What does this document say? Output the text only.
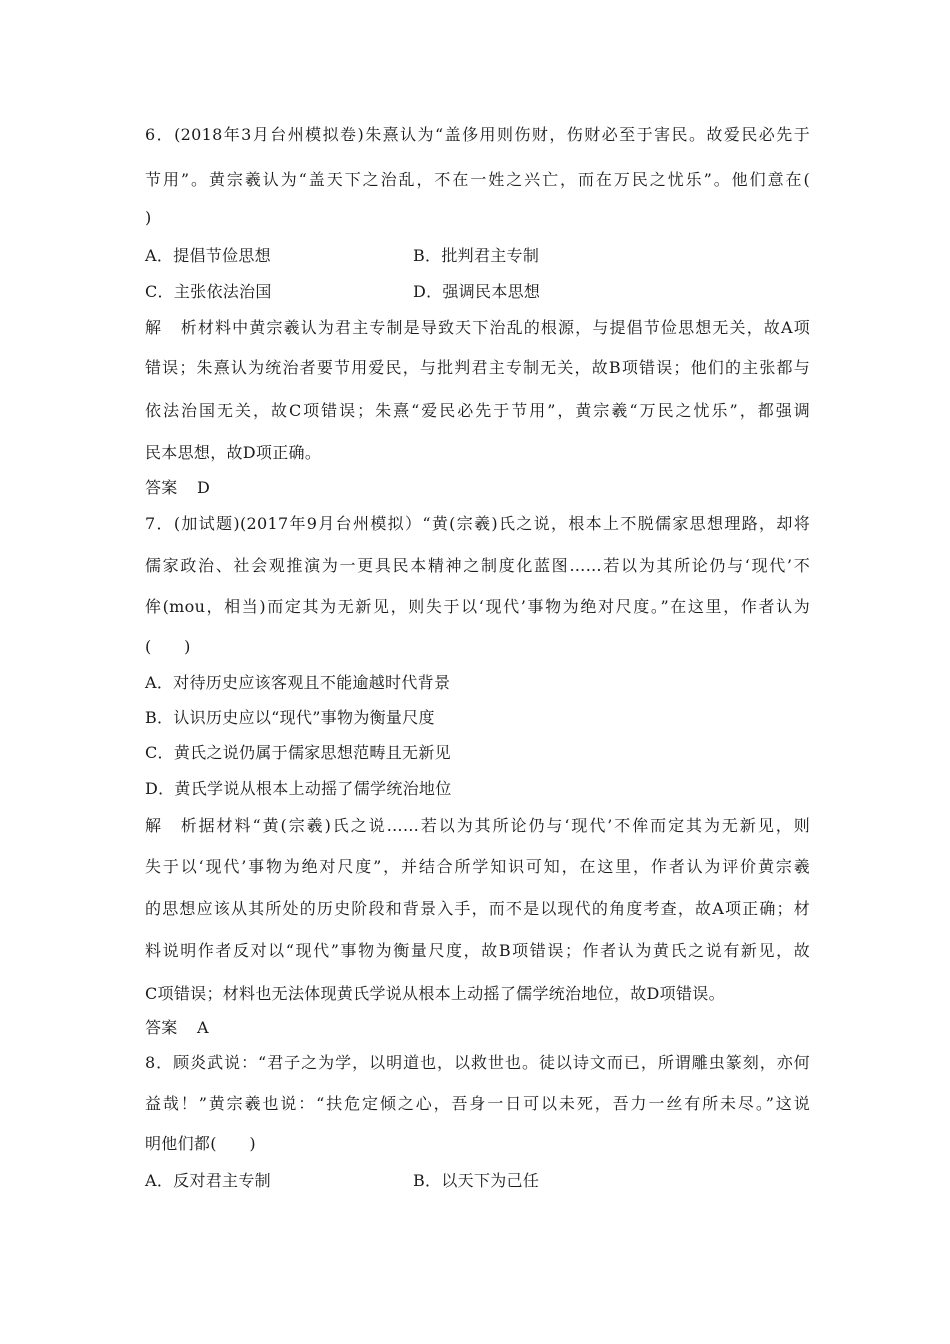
6．(2018年3月台州模拟卷)朱熹认为“盖侈用则伤财，伤财必至于害民。故爱民必先于
节用”。黄宗羲认为“盖天下之治乱，不在一姓之兴亡，而在万民之忧乐”。他们意在(
)
A．提倡节俭思想	B．批判君主专制
C．主张依法治国	D．强调民本思想
解析材料中黄宗羲认为君主专制是导致天下治乱的根源，与提倡节俭思想无关，故A项
错误；朱熹认为统治者要节用爱民，与批判君主专制无关，故B项错误；他们的主张都与
依法治国无关，故C项错误；朱熹“爱民必先于节用”，黄宗羲“万民之忧乐”，都强调
民本思想，故D项正确。
答案 D
7．(加试题)(2017年9月台州模拟）“黄(宗羲)氏之说，根本上不脱儒家思想理路，却将
儒家政治、社会观推演为一更具民本精神之制度化蓝图……若以为其所论仍与‘现代’不
侔(mou，相当)而定其为无新见，则失于以‘现代’事物为绝对尺度。”在这里，作者认为
(　　)
A．对待历史应该客观且不能逾越时代背景
B．认识历史应以“现代”事物为衡量尺度
C．黄氏之说仍属于儒家思想范畴且无新见
D．黄氏学说从根本上动摇了儒学统治地位
解析据材料“黄(宗羲)氏之说……若以为其所论仍与‘现代’不侔而定其为无新见，则
失于以‘现代’事物为绝对尺度”，并结合所学知识可知，在这里，作者认为评价黄宗羲
的思想应该从其所处的历史阶段和背景入手，而不是以现代的角度考查，故A项正确；材
料说明作者反对以“现代”事物为衡量尺度，故B项错误；作者认为黄氏之说有新见，故
C项错误；材料也无法体现黄氏学说从根本上动摇了儒学统治地位，故D项错误。
答案 A
8．顾炎武说：“君子之为学，以明道也，以救世也。徒以诗文而已，所谓雕虫篆刻，亦何
益哉！”黄宗羲也说：“扶危定倾之心，吾身一日可以未死，吾力一丝有所未尽。”这说
明他们都(　　)
A．反对君主专制	B．以天下为己任
